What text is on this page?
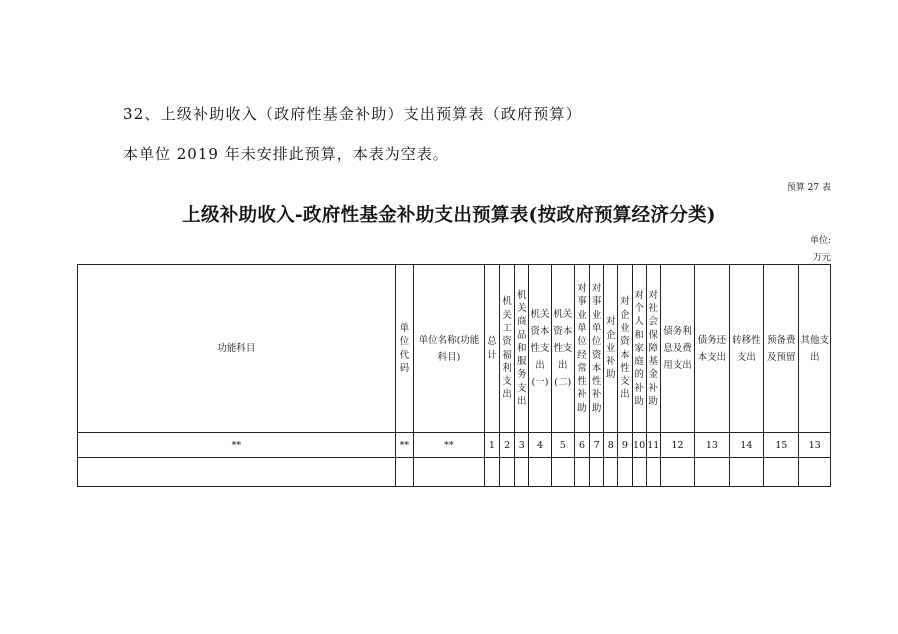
32、上级补助收入（政府性基金补助）支出预算表（政府预算）
本单位 2019 年未安排此预算，本表为空表。
预算 27 表
上级补助收入-政府性基金补助支出预算表(按政府预算经济分类)
单位:
万元
功能科目	单位代码	单位名称(功能科目)	总计	机关工资福利支出	机关商品和服务支出	机关资本性支出(一)	机关资本性支出(二)	对事业单位经常性补助	对事业单位资本性补助	对企业补助	对企业资本性支出	对个人和家庭的补助	对社会保障基金补助	债务利息及费用支出	债务还本支出	转移性支出	预备费及预留	其他支出

**	**	**	1	2	3	4	5	6	7	8	9	10	11	12	13	14	15	13
